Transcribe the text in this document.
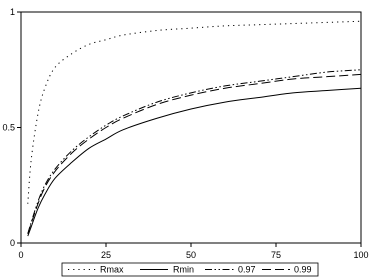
0	25	50	75	100
0
0.5
1
Rmax	Rmin	0.97	0.99
